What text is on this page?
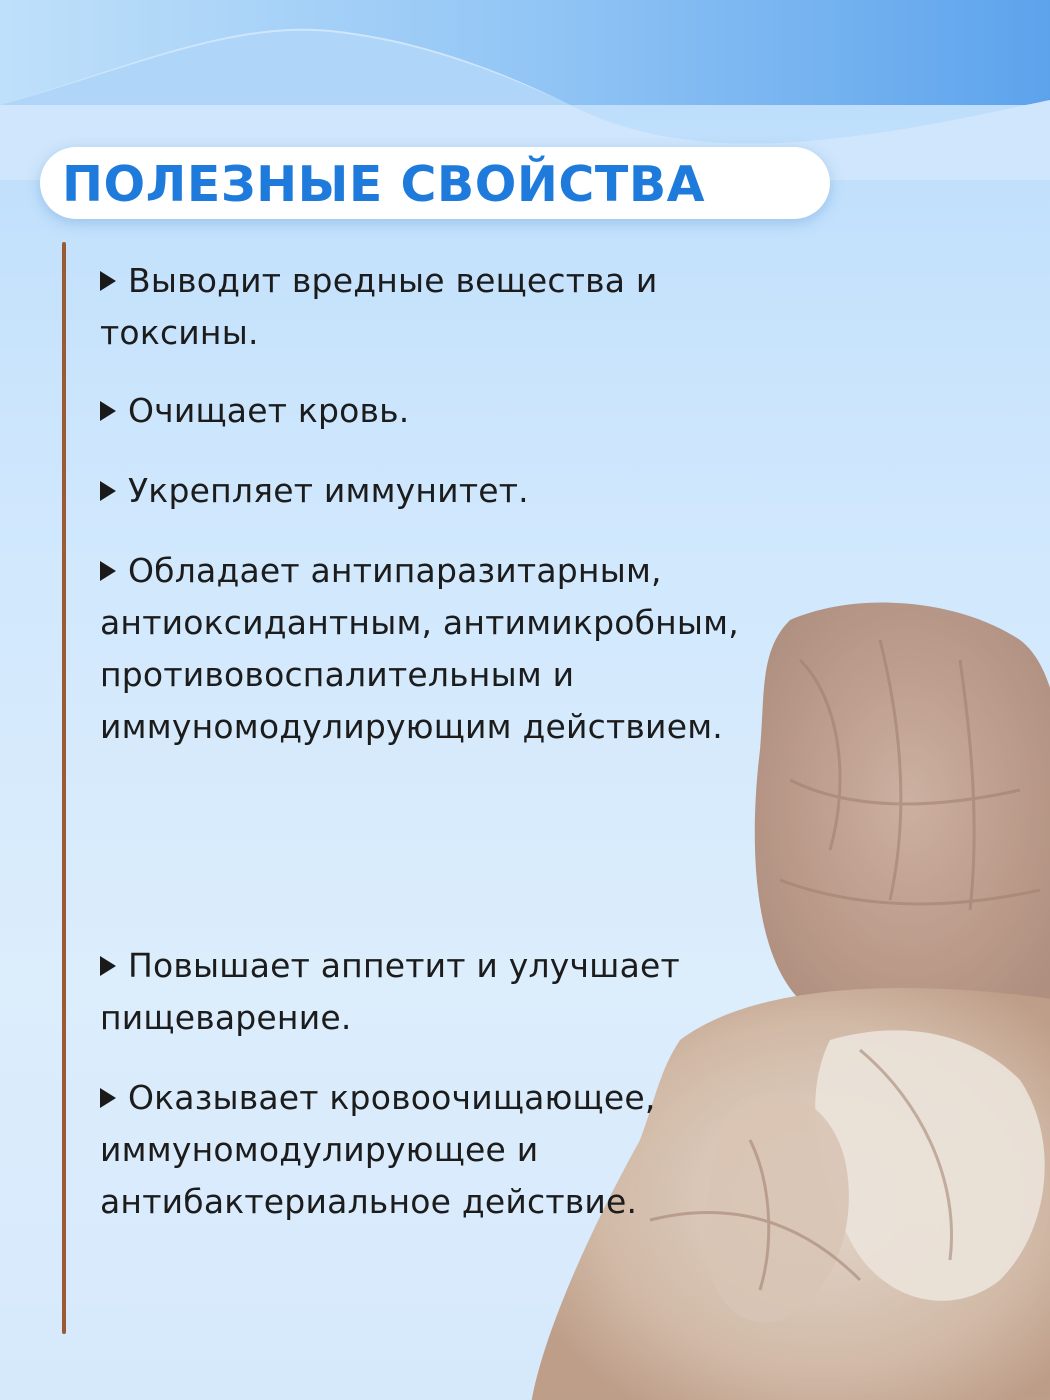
ПОЛЕЗНЫЕ СВОЙСТВА

Выводит вредные вещества и токсины.

Очищает кровь.

Укрепляет иммунитет.

Обладает антипаразитарным, антиоксидантным, антимикробным, противовоспалительным и иммуномодулирующим действием.

Повышает аппетит и улучшает пищеварение.

Оказывает кровоочищающее, иммуномодулирующее и антибактериальное действие.
